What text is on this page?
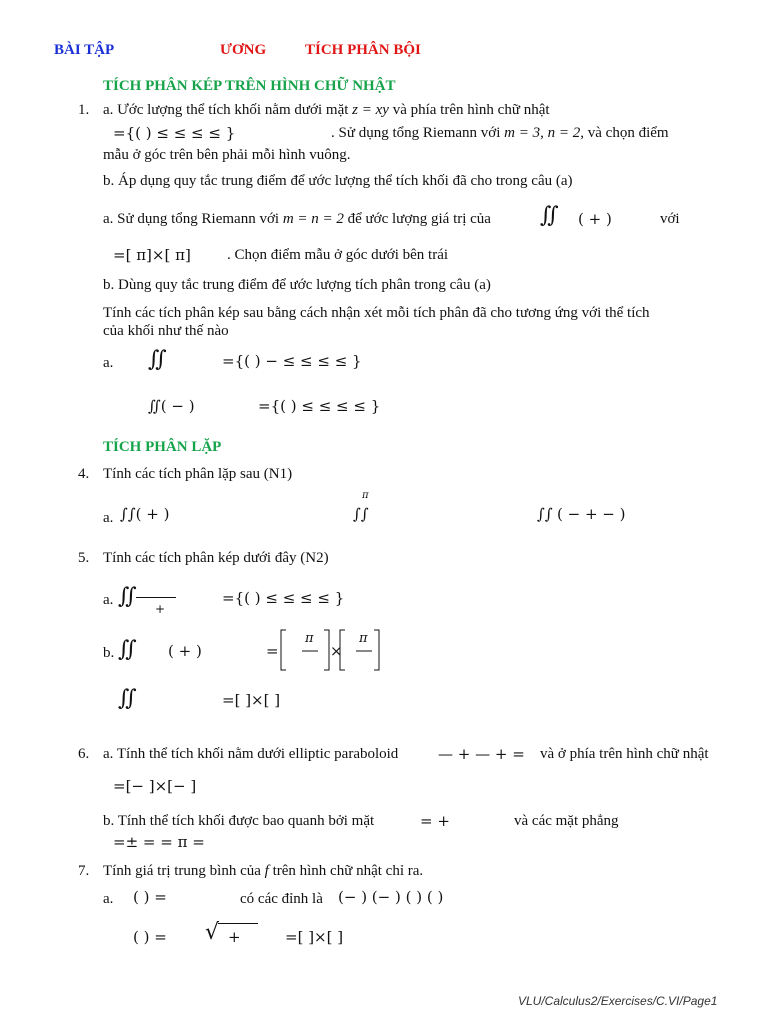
BÀI TẬP	ƯƠNG	TÍCH PHÂN BỘI
TÍCH PHÂN KÉP TRÊN HÌNH CHỮ NHẬT
1. a. Ước lượng thể tích khối nằm dưới mặt z = xy và phía trên hình chữ nhật
={( ) ≤ ≤ ≤ ≤ }	. Sử dụng tổng Riemann với m = 3, n = 2, và chọn điểm
mẫu ở góc trên bên phải mỗi hình vuông.
b. Áp dụng quy tắc trung điểm để ước lượng thể tích khối đã cho trong câu (a)
a. Sử dụng tổng Riemann với m = n = 2 để ước lượng giá trị của ∬ ( + )	với
=[ π]×[ π] . Chọn điểm mẫu ở góc dưới bên trái
b. Dùng quy tắc trung điểm để ước lượng tích phân trong câu (a)
Tính các tích phân kép sau bằng cách nhận xét mỗi tích phân đã cho tương ứng với thể tích
của khối như thế nào
a. ∬	={( ) − ≤ ≤ ≤ ≤ }
∬( − )	={( ) ≤ ≤ ≤ ≤ }
TÍCH PHÂN LẶP
4. Tính các tích phân lặp sau (N1)
a. ∫∫( + )	∫∫
π
∫∫ ( − + − )
5. Tính các tích phân kép dưới đây (N2)
a. ∬ +
={( ) ≤ ≤ ≤ ≤ }
b. ∬ ( + )	=
π
×
π
∬	=[ ]×[ ]
6. a. Tính thể tích khối nằm dưới elliptic paraboloid	— + — + = và ở phía trên hình chữ nhật
=[− ]×[− ]
b. Tính thể tích khối được bao quanh bởi mặt	= +	và các mặt phẳng
=± = = π =
7. Tính giá trị trung bình của f trên hình chữ nhật chỉ ra.
a. ( ) =	có các đỉnh là (− ) (− ) ( ) ( )
( ) = √ +	=[ ]×[ ]
VLU/Calculus2/Exercises/C.VI/Page1
